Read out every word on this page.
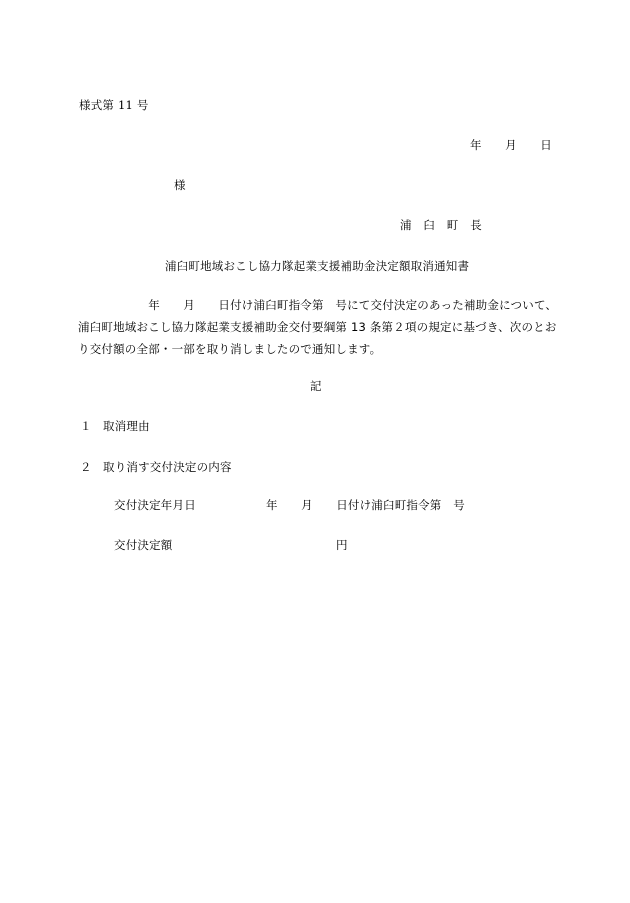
様式第 11 号
年　　月　　日
様
浦　臼　町　長
浦臼町地域おこし協力隊起業支援補助金決定額取消通知書
　　　　　　年　　月　　日付け浦臼町指令第　号にて交付決定のあった補助金について、
浦臼町地域おこし協力隊起業支援補助金交付要綱第 13 条第２項の規定に基づき、次のとお
り交付額の全部・一部を取り消しましたので通知します。
記
１ 取消理由
２ 取り消す交付決定の内容
交付決定年月日	年　　月　　日付け浦臼町指令第　号
交付決定額	円
